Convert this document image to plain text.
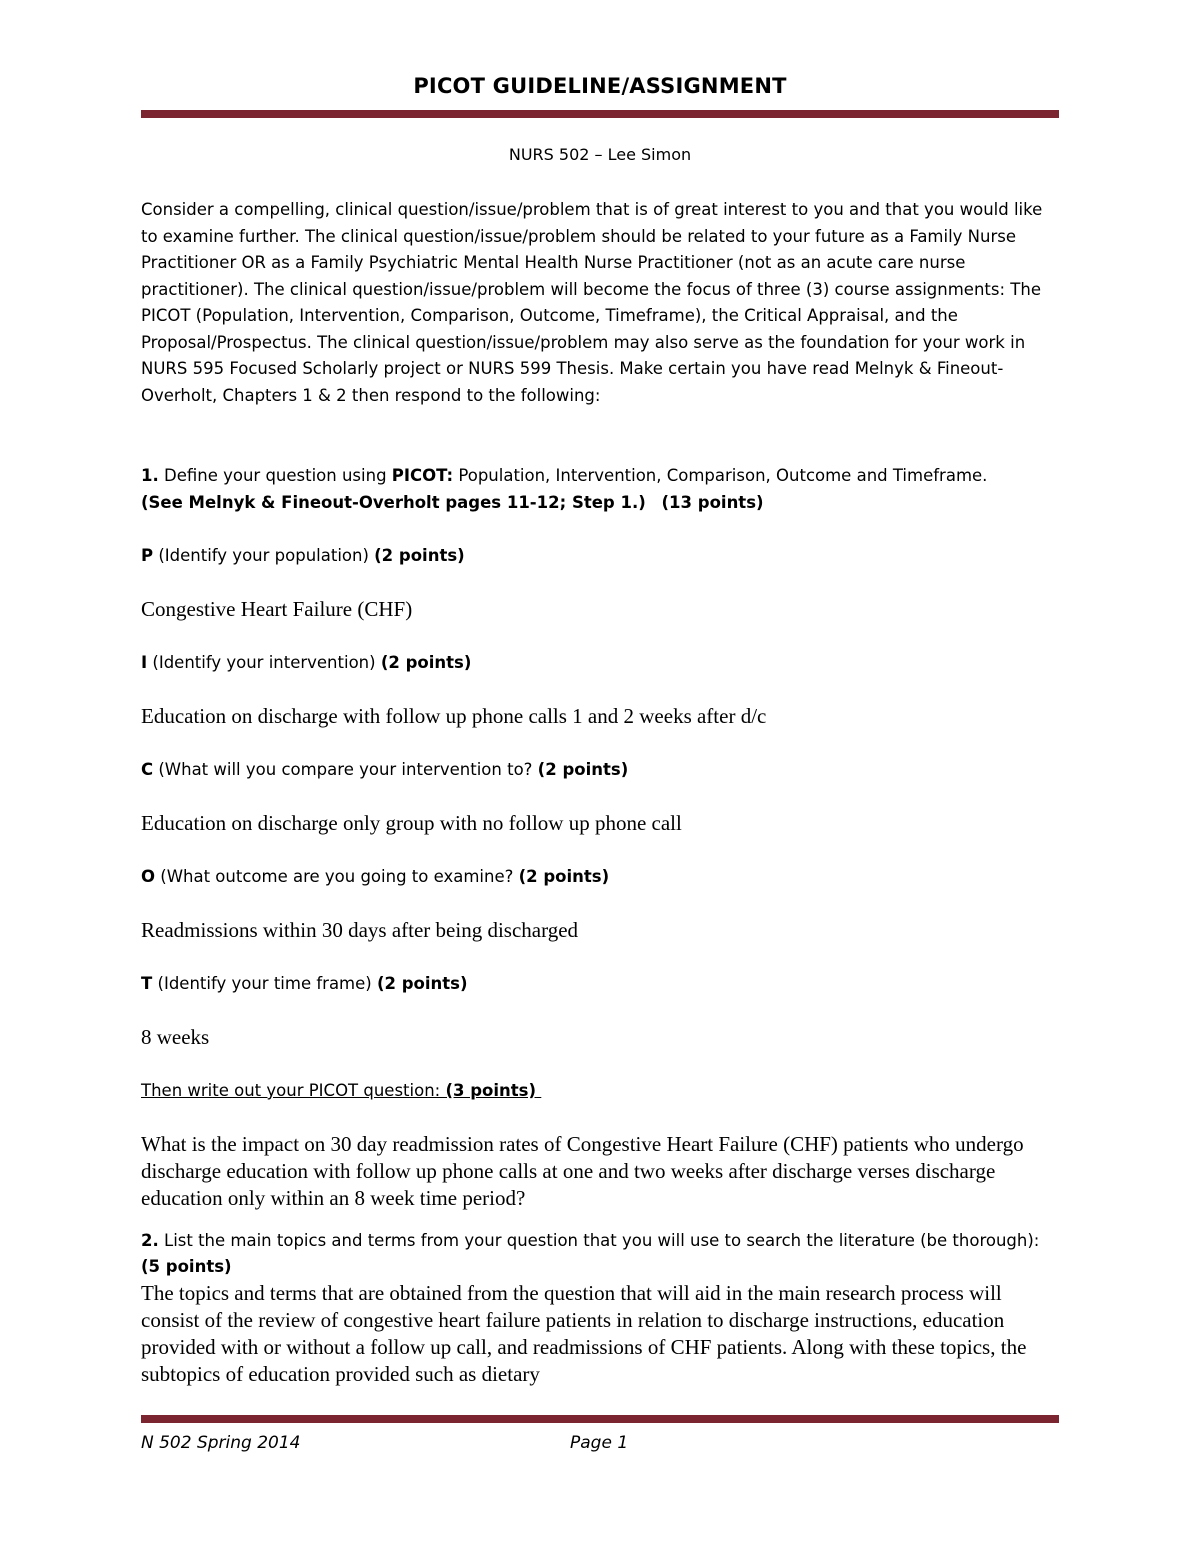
PICOT GUIDELINE/ASSIGNMENT
NURS 502 – Lee Simon

Consider a compelling, clinical question/issue/problem that is of great interest to you and that you would like to examine further. The clinical question/issue/problem should be related to your future as a Family Nurse Practitioner OR as a Family Psychiatric Mental Health Nurse Practitioner (not as an acute care nurse practitioner). The clinical question/issue/problem will become the focus of three (3) course assignments: The PICOT (Population, Intervention, Comparison, Outcome, Timeframe), the Critical Appraisal, and the Proposal/Prospectus. The clinical question/issue/problem may also serve as the foundation for your work in NURS 595 Focused Scholarly project or NURS 599 Thesis. Make certain you have read Melnyk & Fineout-Overholt, Chapters 1 & 2 then respond to the following:

1. Define your question using PICOT: Population, Intervention, Comparison, Outcome and Timeframe.
(See Melnyk & Fineout-Overholt pages 11-12; Step 1.) (13 points)

P (Identify your population) (2 points)

Congestive Heart Failure (CHF)

I (Identify your intervention) (2 points)

Education on discharge with follow up phone calls 1 and 2 weeks after d/c

C (What will you compare your intervention to? (2 points)

Education on discharge only group with no follow up phone call

O (What outcome are you going to examine? (2 points)

Readmissions within 30 days after being discharged

T (Identify your time frame) (2 points)

8 weeks

Then write out your PICOT question: (3 points)

What is the impact on 30 day readmission rates of Congestive Heart Failure (CHF) patients who undergo discharge education with follow up phone calls at one and two weeks after discharge verses discharge education only within an 8 week time period?

2. List the main topics and terms from your question that you will use to search the literature (be thorough): (5 points)

The topics and terms that are obtained from the question that will aid in the main research process will consist of the review of congestive heart failure patients in relation to discharge instructions, education provided with or without a follow up call, and readmissions of CHF patients. Along with these topics, the subtopics of education provided such as dietary

N 502 Spring 2014	Page 1
